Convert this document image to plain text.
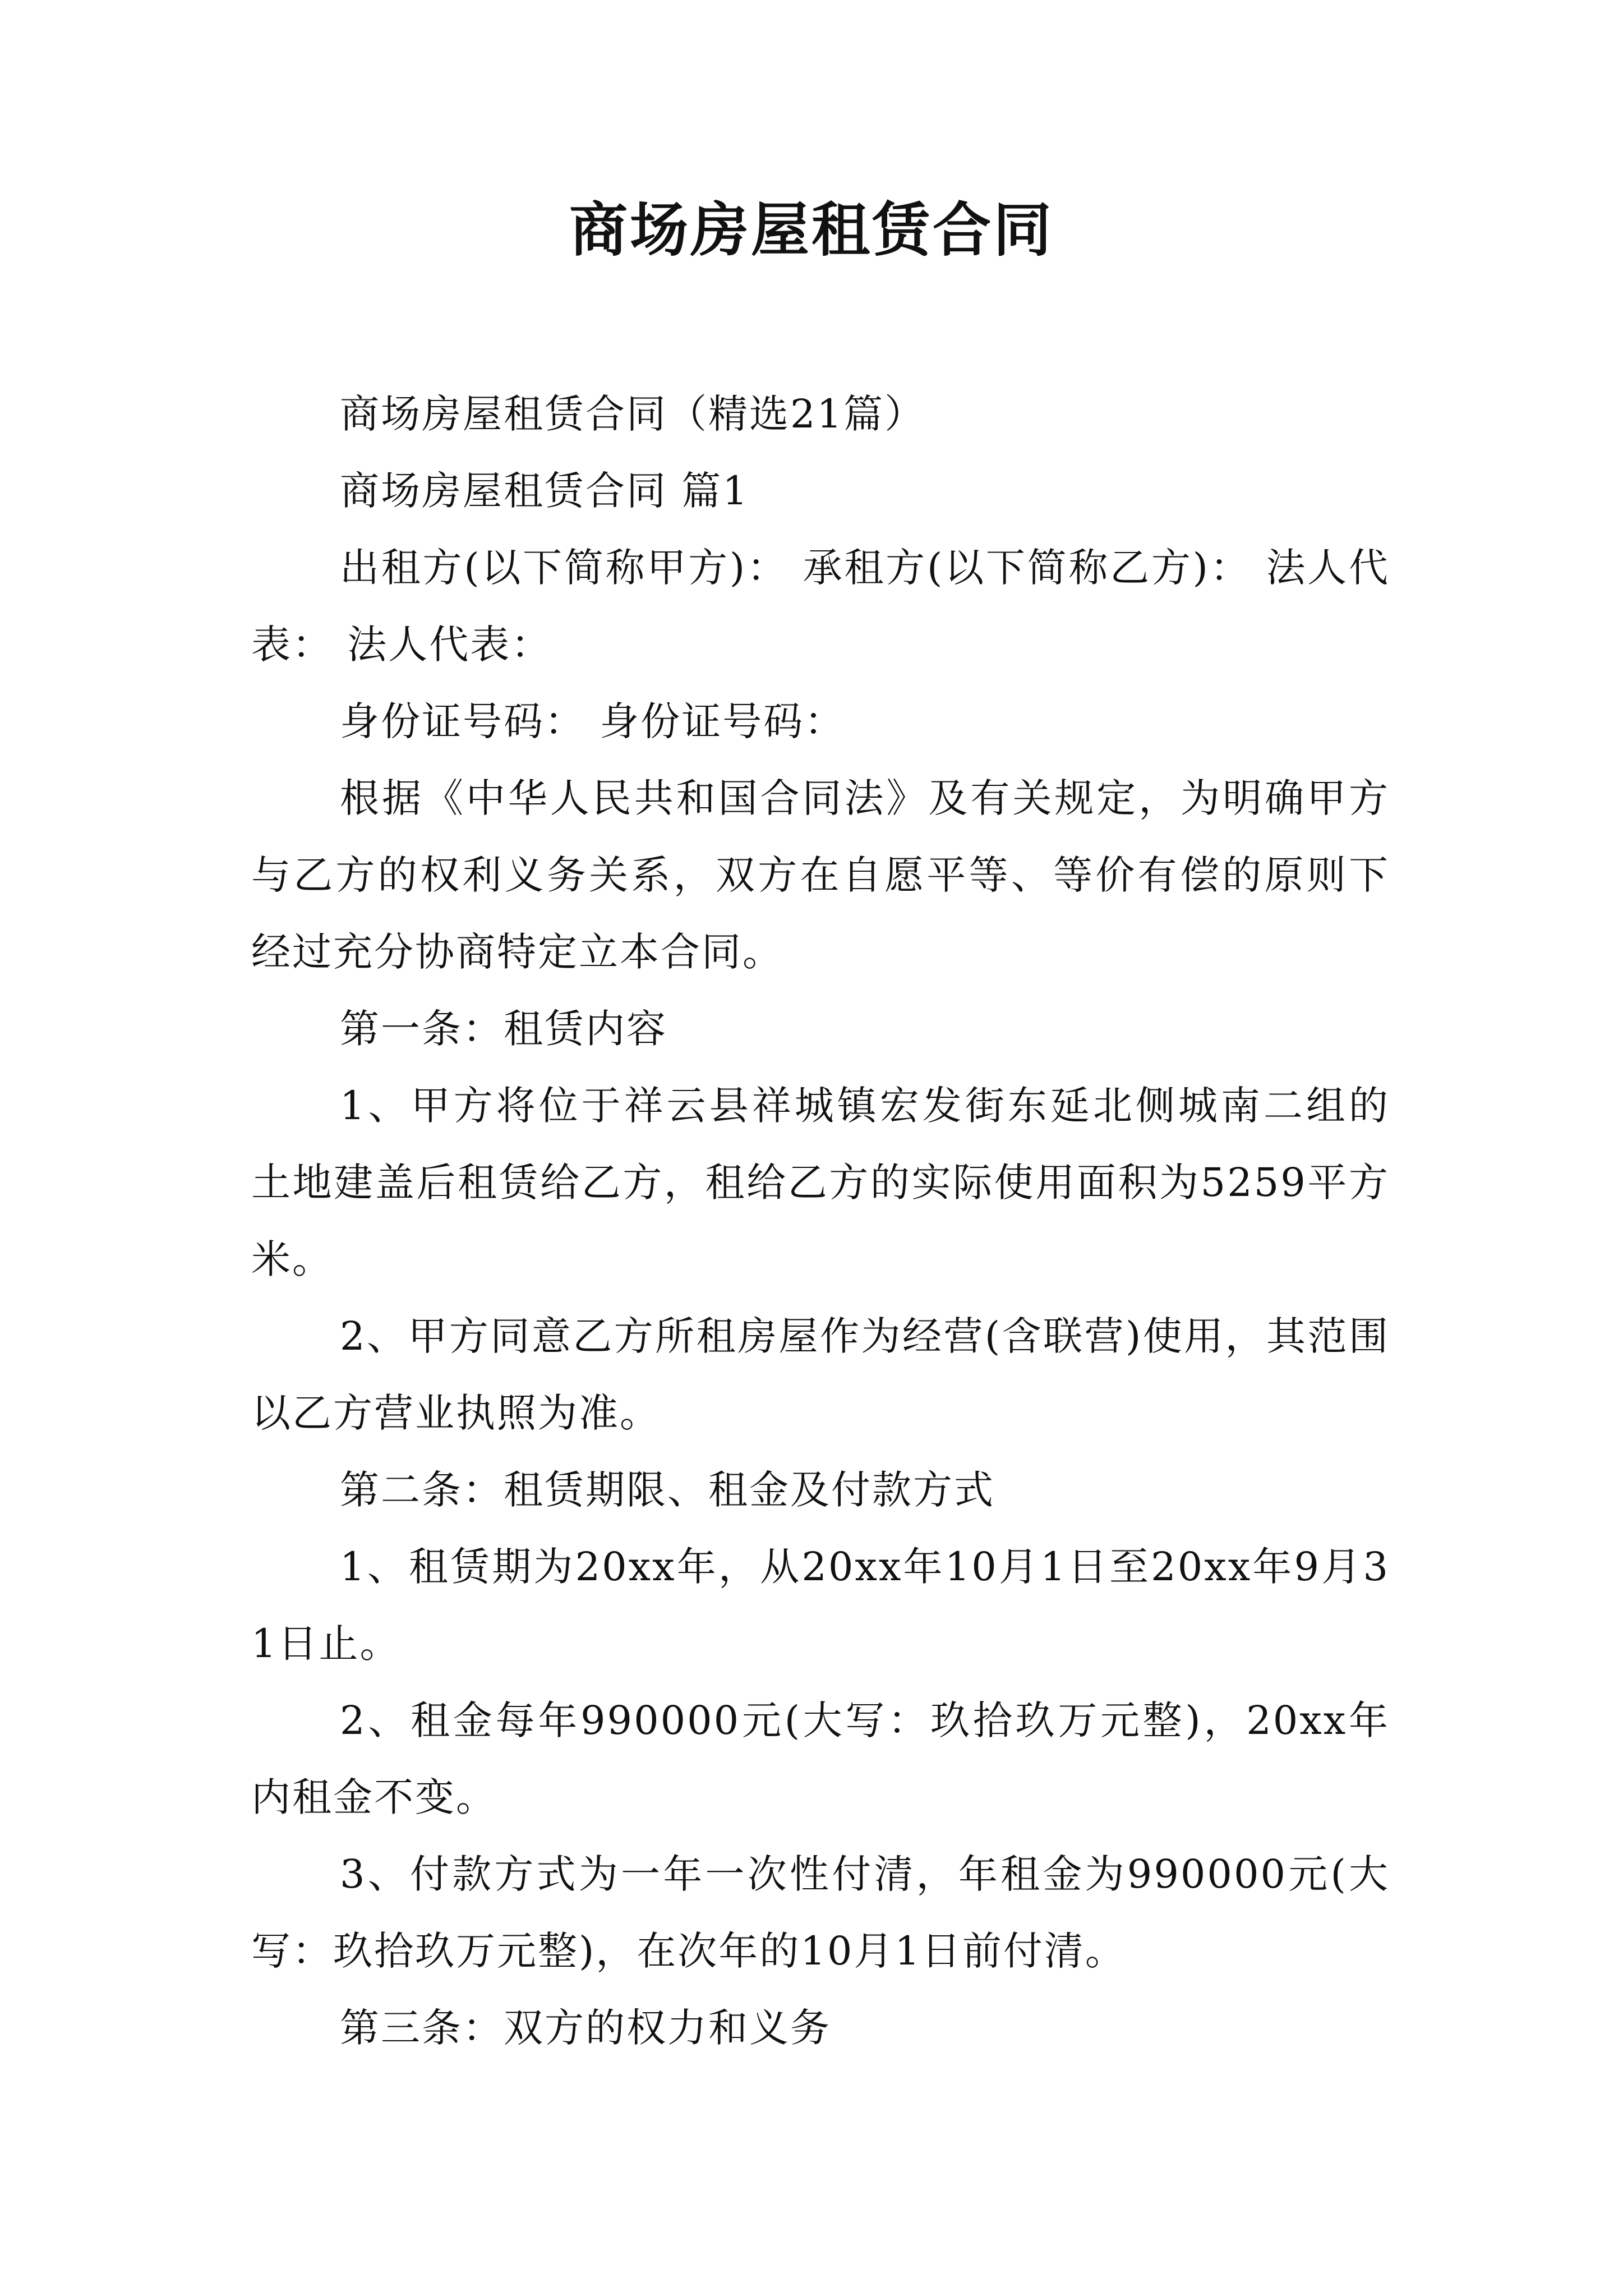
商场房屋租赁合同

商场房屋租赁合同（精选21篇）

商场房屋租赁合同 篇1

出租方(以下简称甲方)： 承租方(以下简称乙方)： 法人代表： 法人代表：

身份证号码： 身份证号码：

根据《中华人民共和国合同法》及有关规定，为明确甲方与乙方的权利义务关系，双方在自愿平等、等价有偿的原则下经过充分协商特定立本合同。

第一条：租赁内容

1、甲方将位于祥云县祥城镇宏发街东延北侧城南二组的土地建盖后租赁给乙方，租给乙方的实际使用面积为5259平方米。

2、甲方同意乙方所租房屋作为经营(含联营)使用，其范围以乙方营业执照为准。

第二条：租赁期限、租金及付款方式

1、租赁期为20xx年，从20xx年10月1日至20xx年9月31日止。

2、租金每年990000元(大写：玖拾玖万元整)，20xx年内租金不变。

3、付款方式为一年一次性付清，年租金为990000元(大写：玖拾玖万元整)，在次年的10月1日前付清。

第三条：双方的权力和义务
